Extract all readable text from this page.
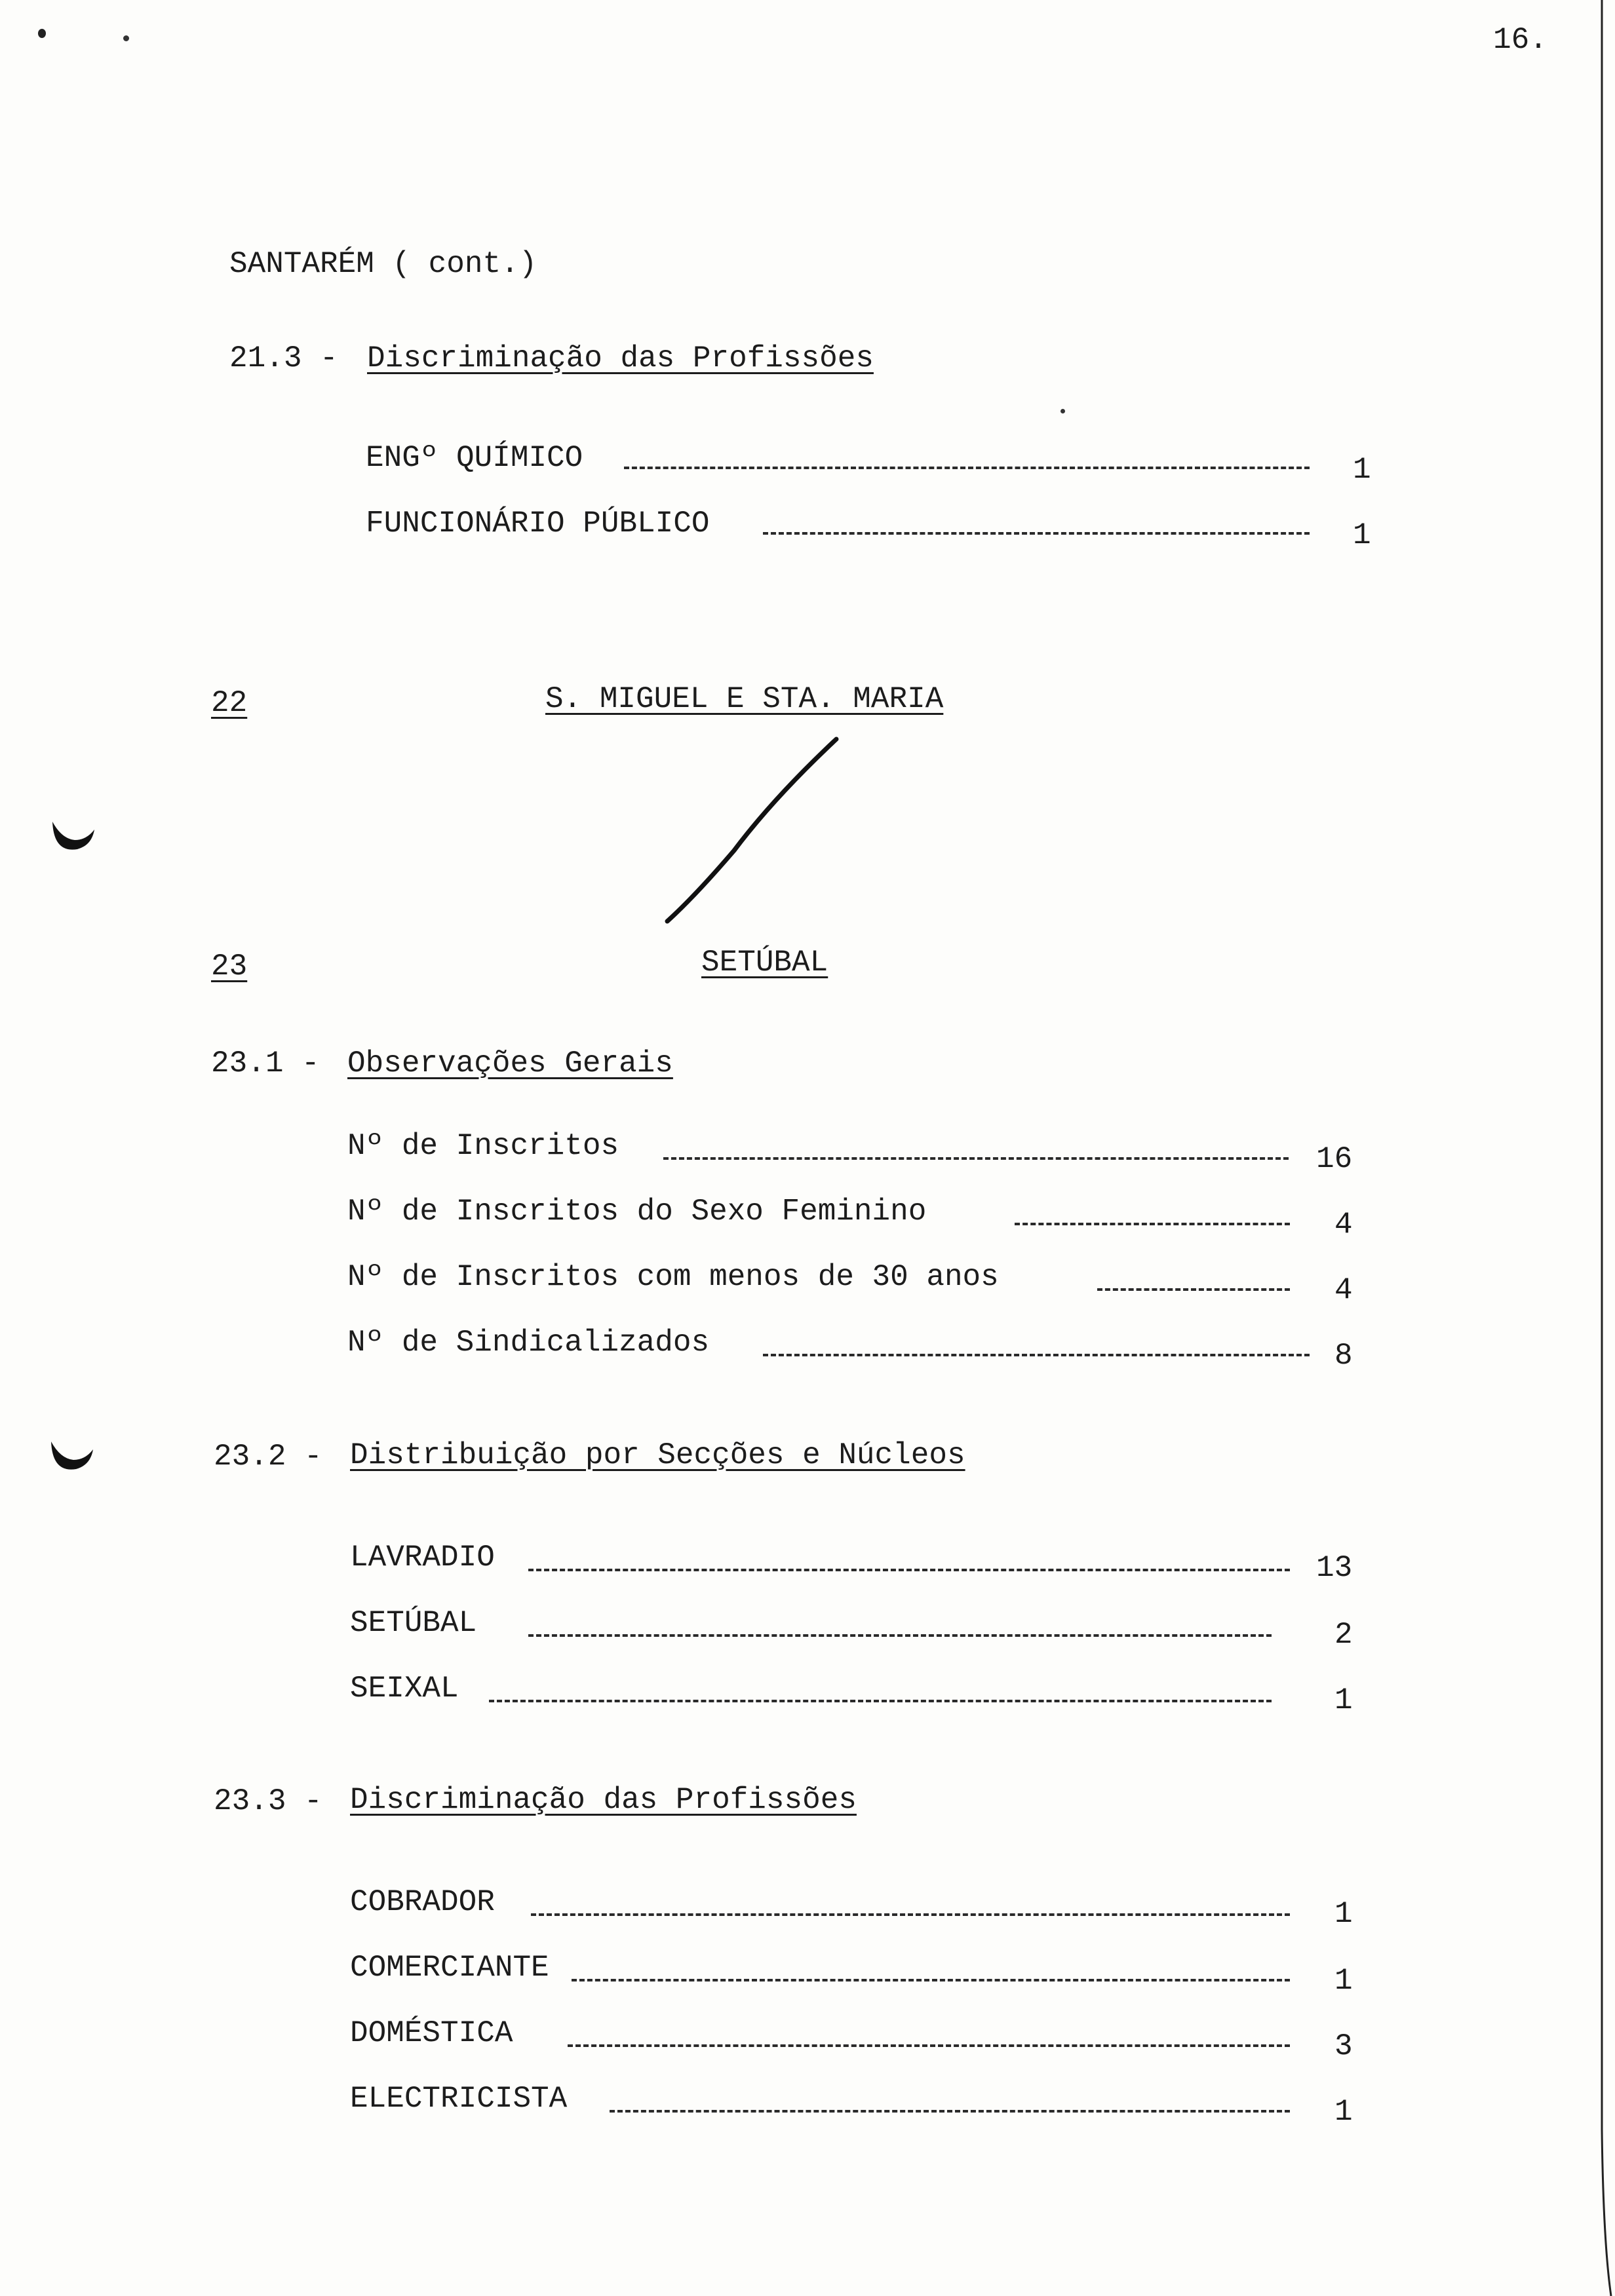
16.
SANTARÉM ( cont.)
21.3 - Discriminação das Profissões
ENGº QUÍMICO	1
FUNCIONÁRIO PÚBLICO	1
22	S. MIGUEL E STA. MARIA
23	SETÚBAL
23.1 - Observações Gerais
Nº de Inscritos	16
Nº de Inscritos do Sexo Feminino	4
Nº de Inscritos com menos de 30 anos	4
Nº de Sindicalizados	8
23.2 - Distribuição por Secções e Núcleos
LAVRADIO	13
SETÚBAL	2
SEIXAL	1
23.3 - Discriminação das Profissões
COBRADOR	1
COMERCIANTE	1
DOMÉSTICA	3
ELECTRICISTA	1
